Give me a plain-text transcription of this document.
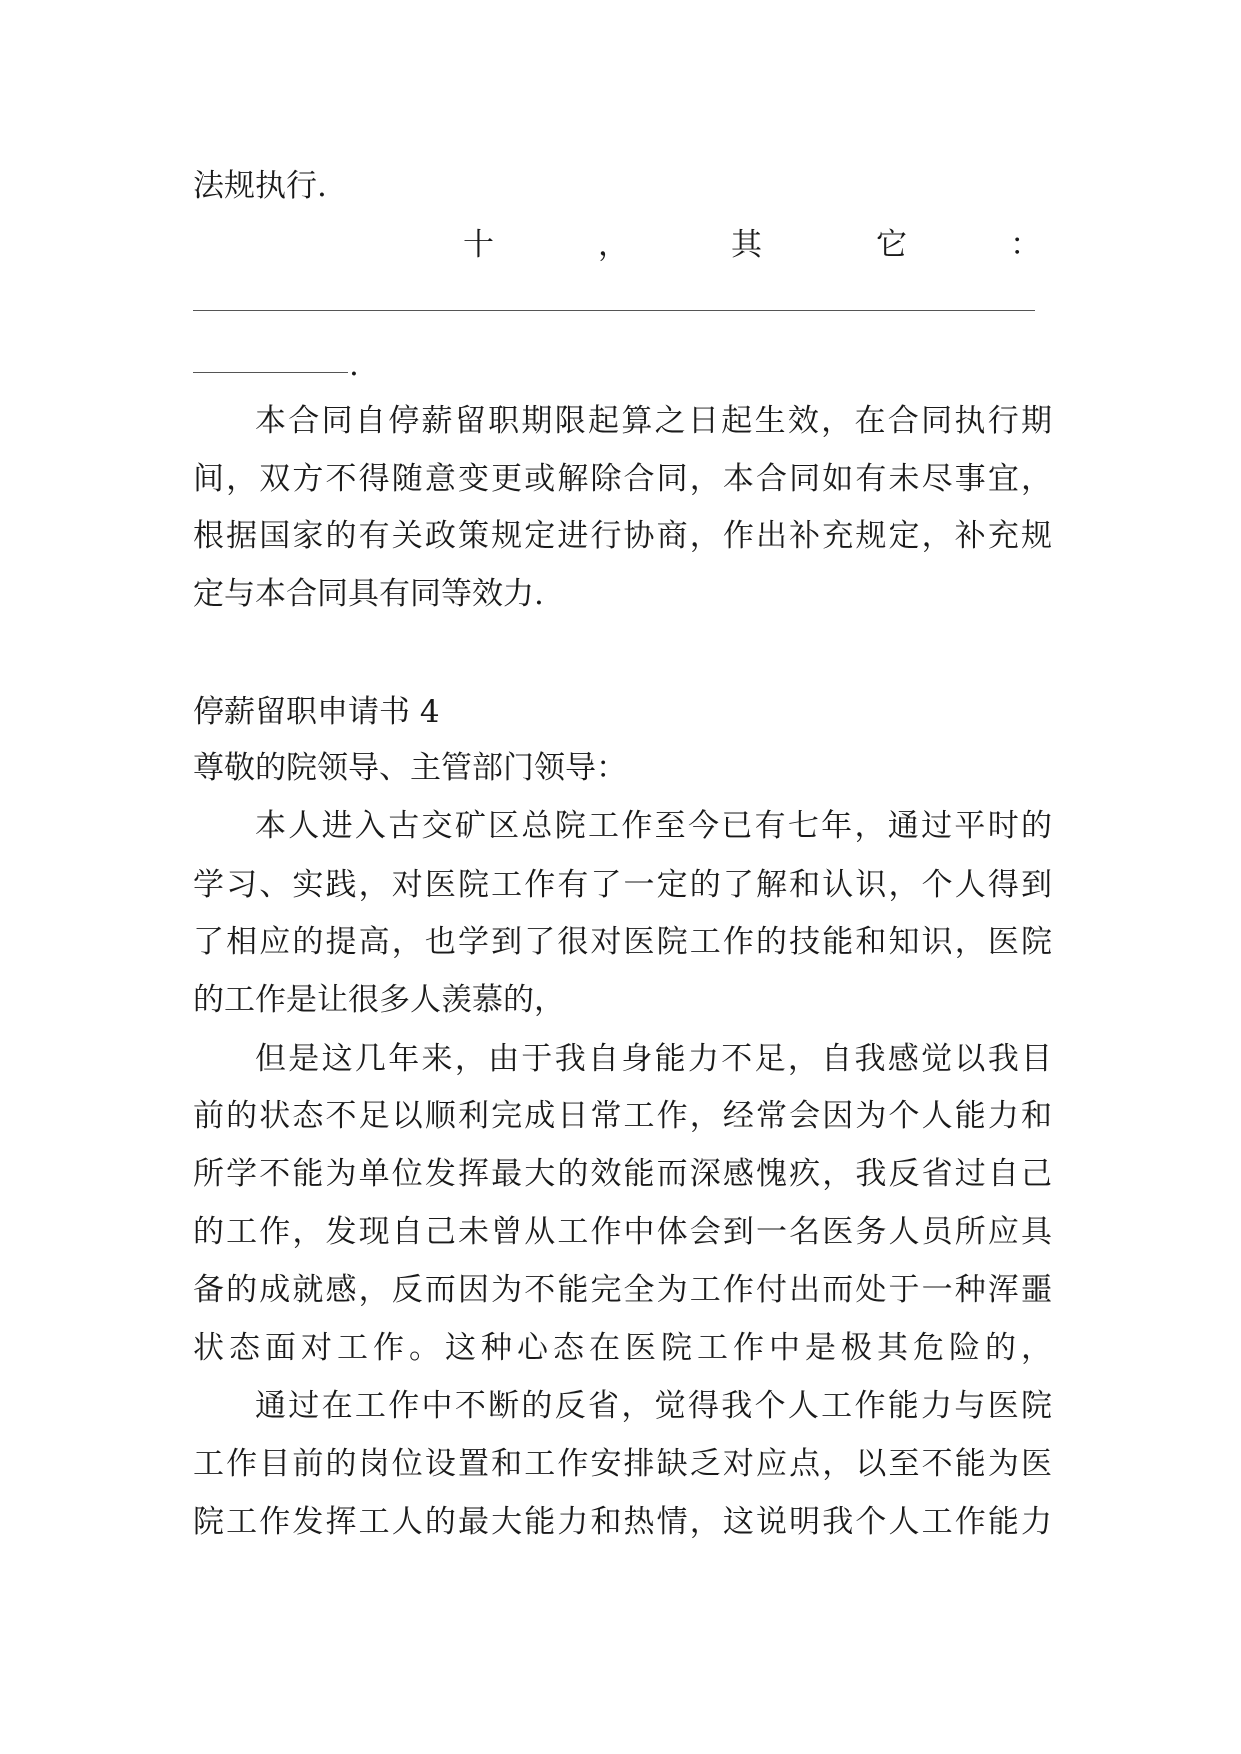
法规执行.
十	，	其	它	：
.
本合同自停薪留职期限起算之日起生效，在合同执行期
间，双方不得随意变更或解除合同，本合同如有未尽事宜，
根据国家的有关政策规定进行协商，作出补充规定，补充规
定与本合同具有同等效力.
停薪留职申请书 4
尊敬的院领导、主管部门领导：
本人进入古交矿区总院工作至今已有七年，通过平时的
学习、实践，对医院工作有了一定的了解和认识，个人得到
了相应的提高，也学到了很对医院工作的技能和知识，医院
的工作是让很多人羡慕的，
但是这几年来，由于我自身能力不足，自我感觉以我目
前的状态不足以顺利完成日常工作，经常会因为个人能力和
所学不能为单位发挥最大的效能而深感愧疚，我反省过自己
的工作，发现自己未曾从工作中体会到一名医务人员所应具
备的成就感，反而因为不能完全为工作付出而处于一种浑噩
状态面对工作。这种心态在医院工作中是极其危险的，
通过在工作中不断的反省，觉得我个人工作能力与医院
工作目前的岗位设置和工作安排缺乏对应点，以至不能为医
院工作发挥工人的最大能力和热情，这说明我个人工作能力
